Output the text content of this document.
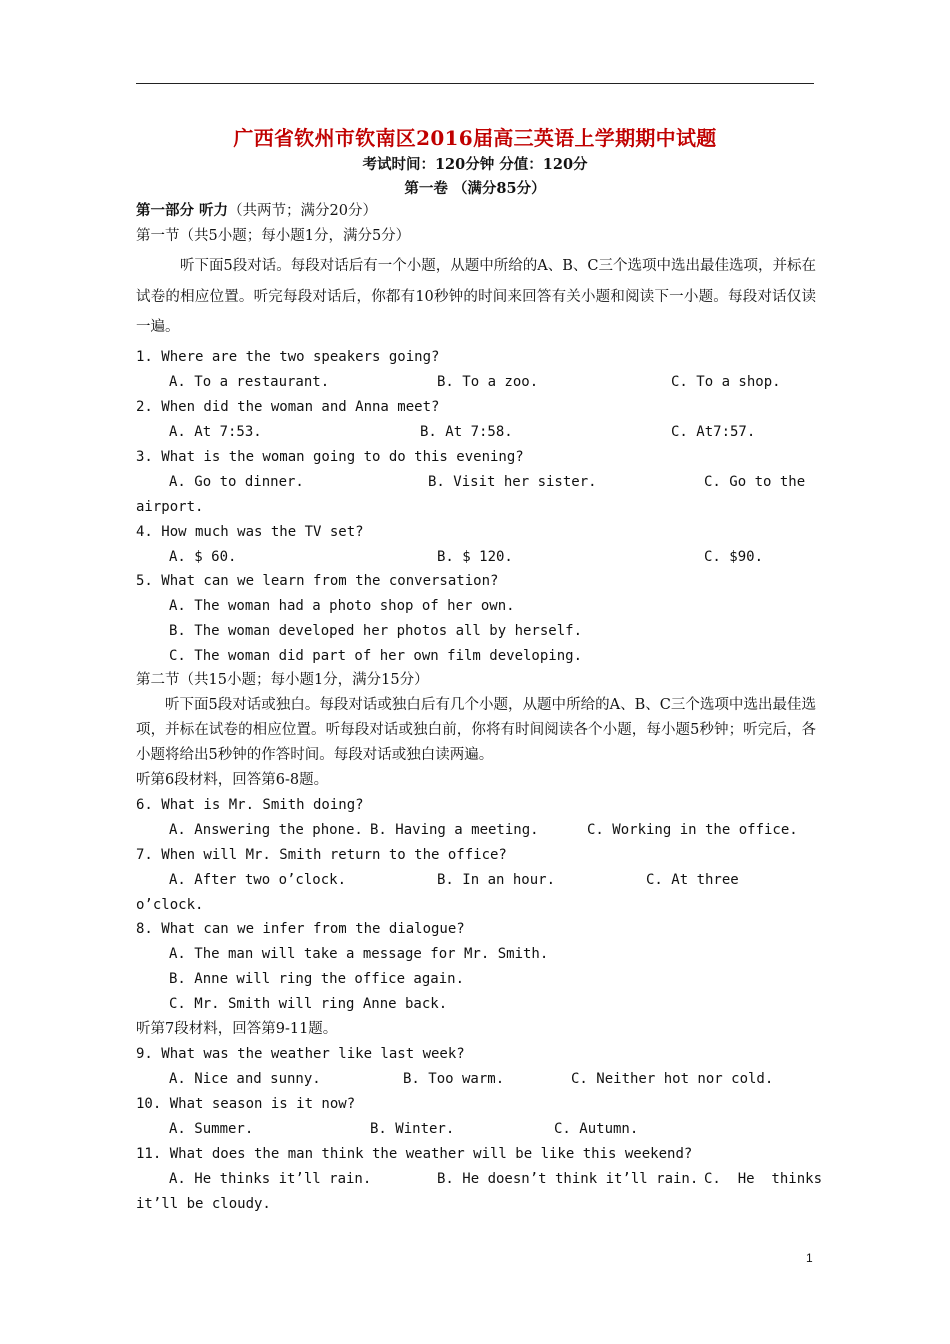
广西省钦州市钦南区2016届高三英语上学期期中试题
考试时间：120分钟 分值：120分
第一卷 （满分85分）
第一部分 听力（共两节；满分20分）
第一节（共5小题；每小题1分，满分5分）
听下面5段对话。每段对话后有一个小题，从题中所给的A、B、C三个选项中选出最佳选项，并标在试卷的相应位置。听完每段对话后，你都有10秒钟的时间来回答有关小题和阅读下一小题。每段对话仅读一遍。
1. Where are the two speakers going?
A. To a restaurant.	B. To a zoo.	C. To a shop.
2. When did the woman and Anna meet?
A. At 7:53.	B. At 7:58.	C. At7:57.
3. What is the woman going to do this evening?
A. Go to dinner.	B. Visit her sister.	C. Go to the
airport.
4. How much was the TV set?
A. $ 60.	B. $ 120.	C. $90.
5. What can we learn from the conversation?
A. The woman had a photo shop of her own.
B. The woman developed her photos all by herself.
C. The woman did part of her own film developing.
第二节（共15小题；每小题1分，满分15分）
听下面5段对话或独白。每段对话或独白后有几个小题，从题中所给的A、B、C三个选项中选出最佳选项，并标在试卷的相应位置。听每段对话或独白前，你将有时间阅读各个小题，每小题5秒钟；听完后，各小题将给出5秒钟的作答时间。每段对话或独白读两遍。
听第6段材料，回答第6-8题。
6. What is Mr. Smith doing?
A. Answering the phone. B. Having a meeting.	C. Working in the office.
7. When will Mr. Smith return to the office?
A. After two o’clock.	B. In an hour.	C. At three
o’clock.
8. What can we infer from the dialogue?
A. The man will take a message for Mr. Smith.
B. Anne will ring the office again.
C. Mr. Smith will ring Anne back.
听第7段材料，回答第9-11题。
9. What was the weather like last week?
A. Nice and sunny.	B. Too warm.	C. Neither hot nor cold.
10. What season is it now?
A. Summer.	B. Winter.	C. Autumn.
11. What does the man think the weather will be like this weekend?
A. He thinks it’ll rain.	B. He doesn’t think it’ll rain. C.  He  thinks
it’ll be cloudy.
1
